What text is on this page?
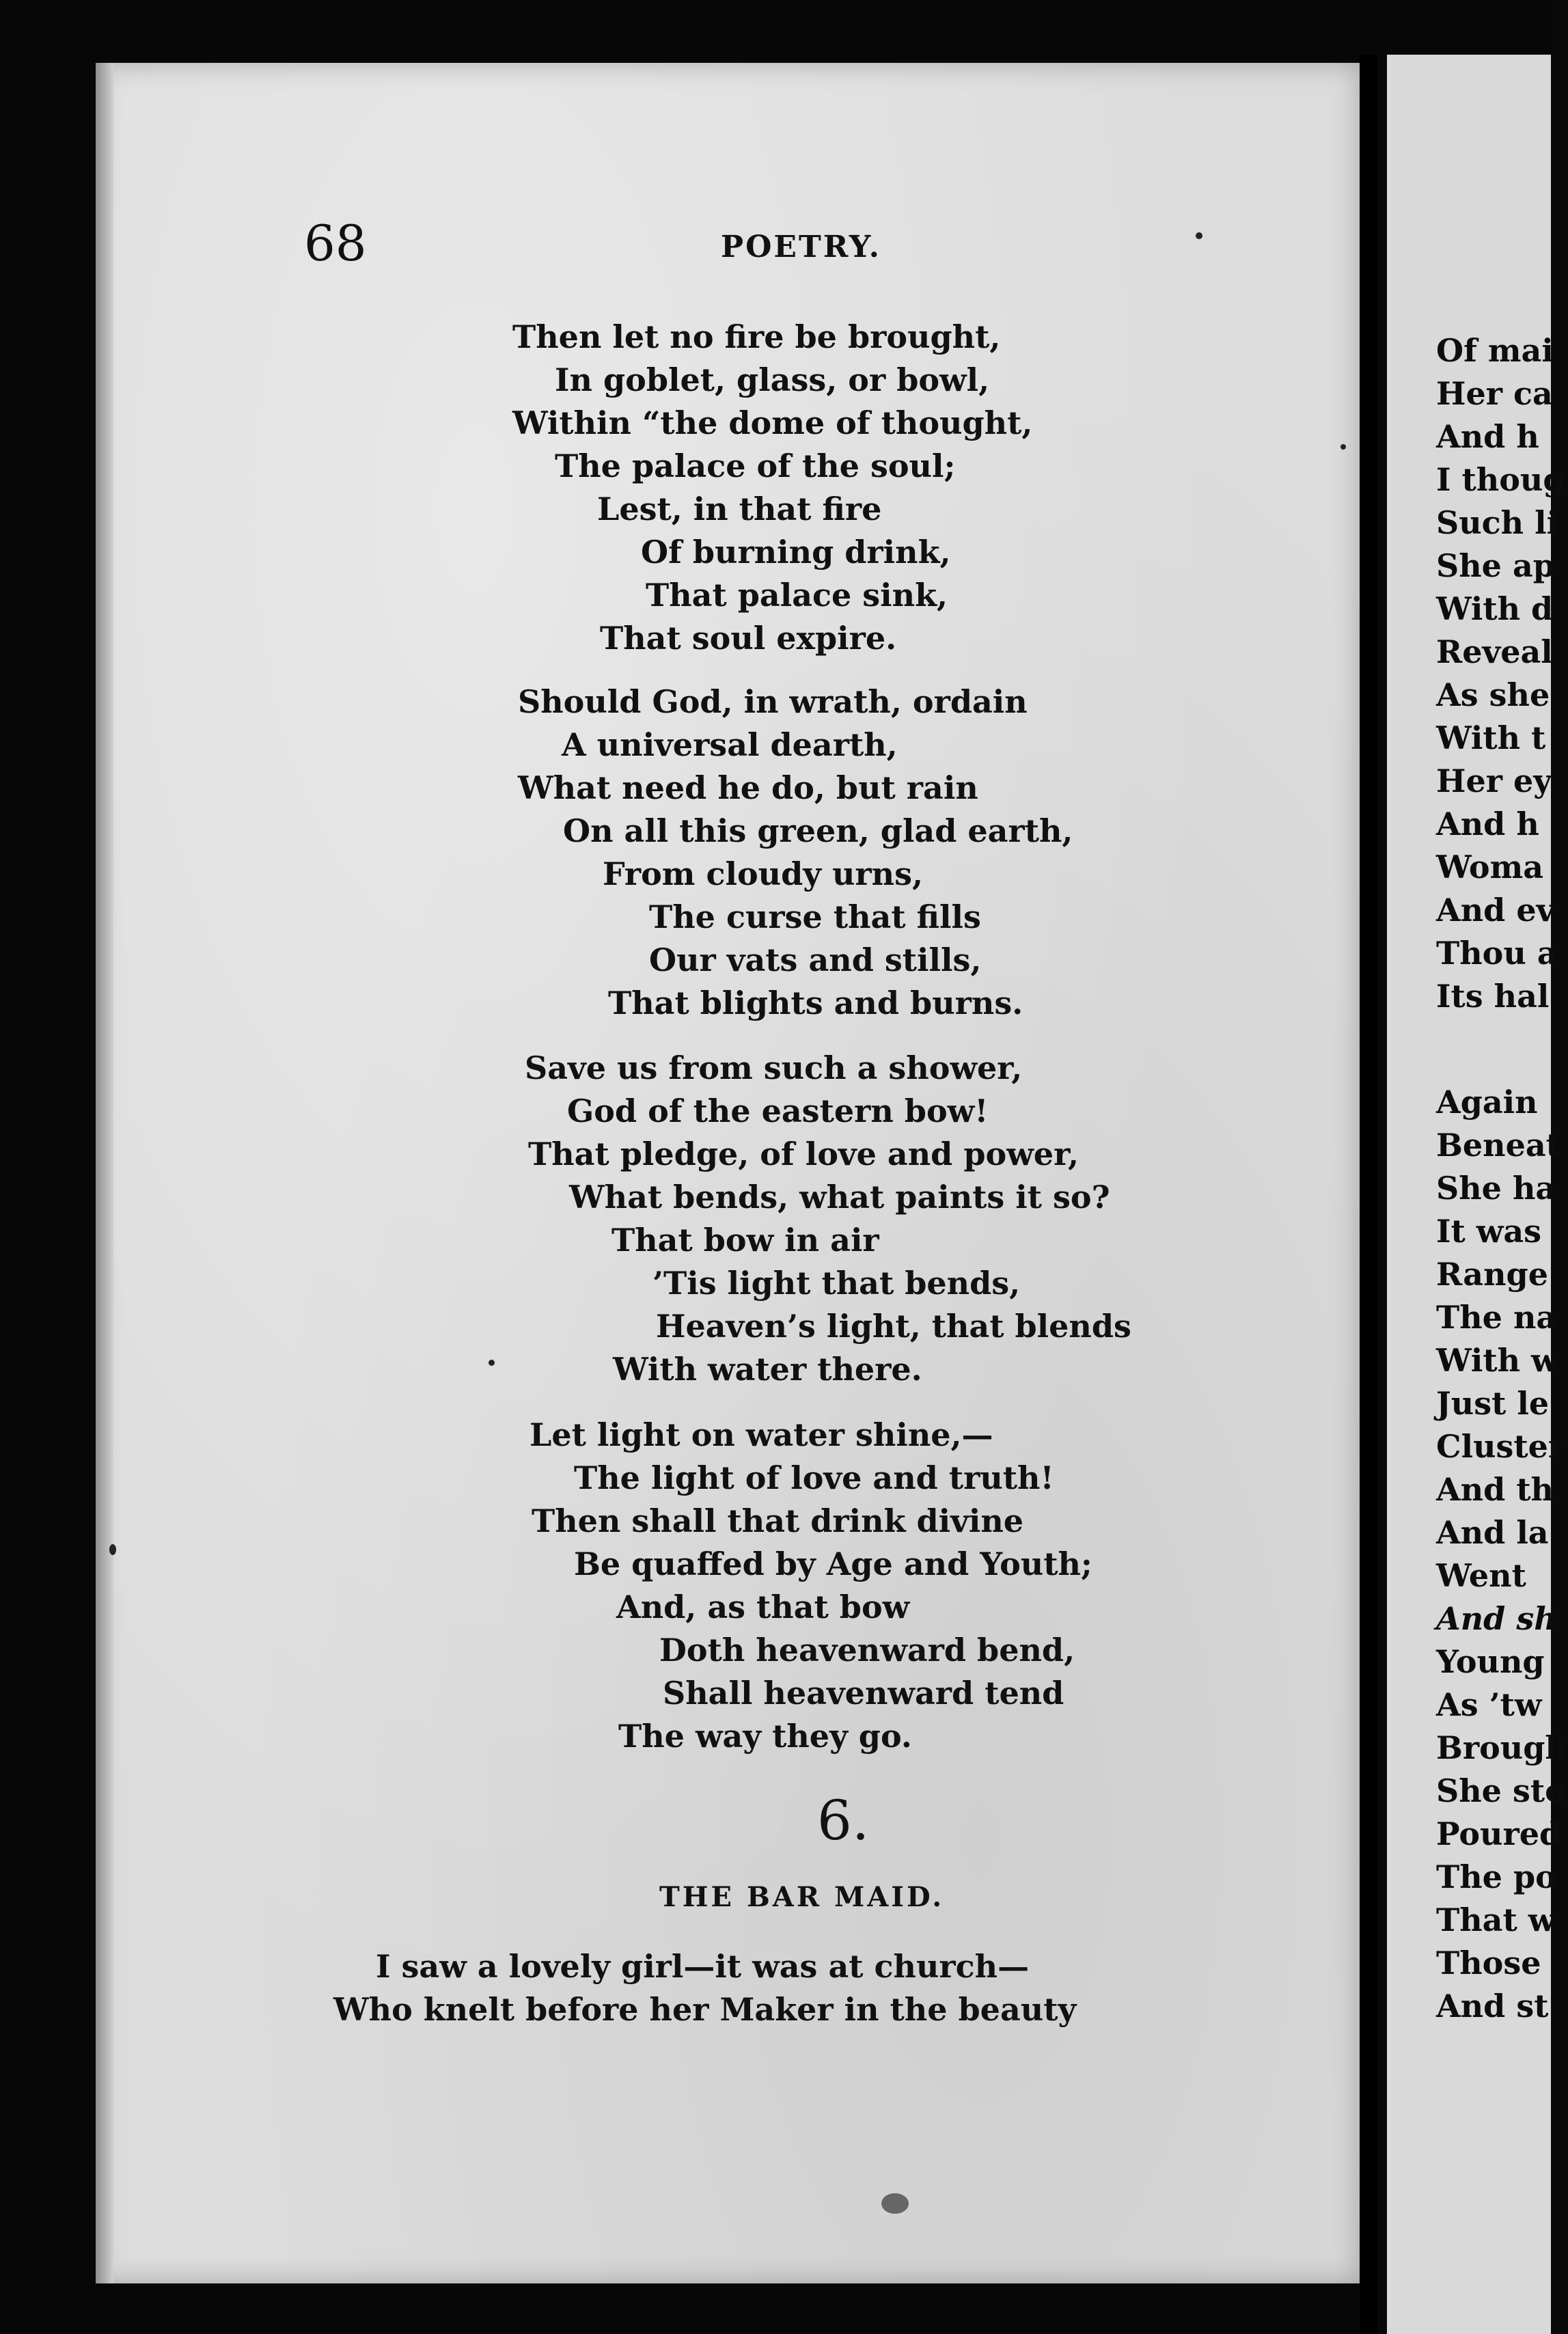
68	POETRY.
Then let no fire be brought,
In goblet, glass, or bowl,
Within “the dome of thought,
The palace of the soul;
Lest, in that fire
Of burning drink,
That palace sink,
That soul expire.
Should God, in wrath, ordain
A universal dearth,
What need he do, but rain
On all this green, glad earth,
From cloudy urns,
The curse that fills
Our vats and stills,
That blights and burns.
Save us from such a shower,
God of the eastern bow!
That pledge, of love and power,
What bends, what paints it so?
That bow in air
’Tis light that bends,
Heaven’s light, that blends
With water there.
Let light on water shine,—
The light of love and truth!
Then shall that drink divine
Be quaffed by Age and Youth;
And, as that bow
Doth heavenward bend,
Shall heavenward tend
The way they go.
6.
THE BAR MAID.
I saw a lovely girl—it was at church—
Who knelt before her Maker in the beauty
Of mai
Her ca
And h
I thoug
Such li
She ap
With d
Reveal
As she
With t
Her ey
And h
Woma
And ev
Thou a
Its hal
Again
Beneat
She ha
It was
Range
The na
With w
Just le
Cluster
And th
And la
Went
And sh
Young
As ’tw
Brough
She sto
Poured
The po
That w
Those
And st
